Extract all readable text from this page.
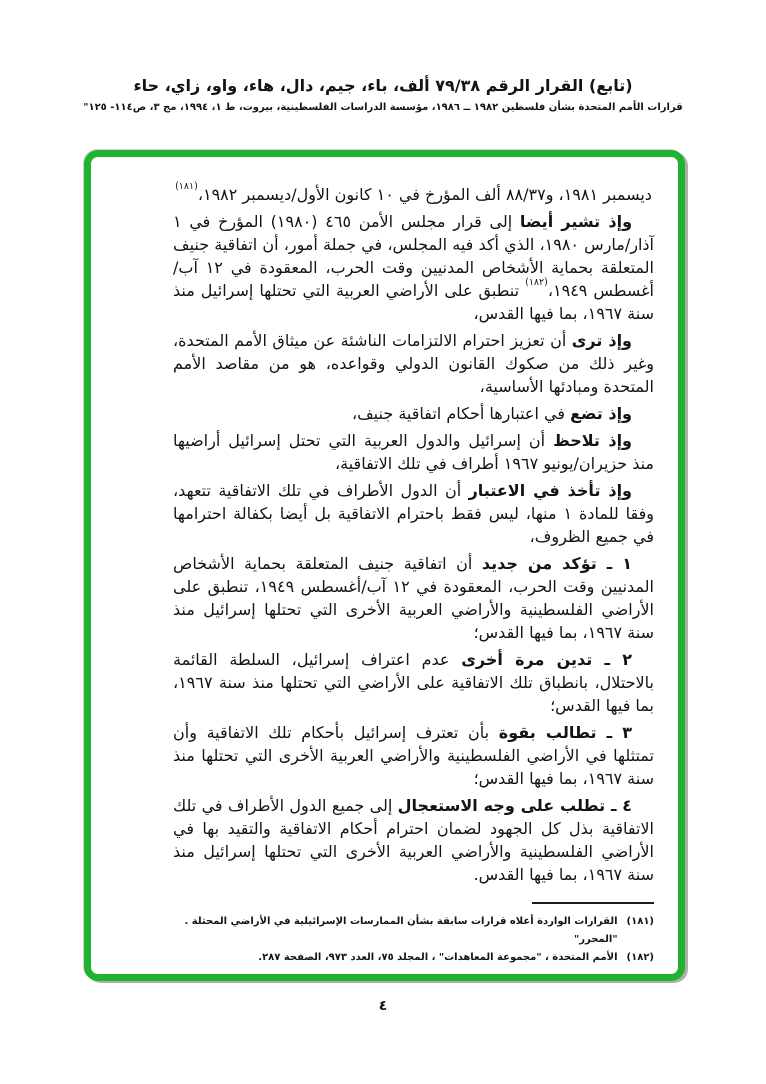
(تابع) القرار الرقم ٧٩/٣٨ ألف، باء، جيم، دال، هاء، واو، زاي، حاء
قرارات الأمم المتحدة بشأن فلسطين ١٩٨٢ ــ ١٩٨٦، مؤسسة الدراسات الفلسطينية، بيروت، ط ١، ١٩٩٤، مج ٣، ص١١٤- ١٢٥"

ديسمبر ١٩٨١، و٨٨/٣٧ ألف المؤرخ في ١٠ كانون الأول/ديسمبر ١٩٨٢،$^{(١٨١)}$

وإذ تشير أيضا إلى قرار مجلس الأمن ٤٦٥ (١٩٨٠) المؤرخ في ١ آذار/مارس ١٩٨٠، الذي أكد فيه المجلس، في جملة أمور، أن اتفاقية جنيف المتعلقة بحماية الأشخاص المدنيين وقت الحرب، المعقودة في ١٢ آب/أغسطس ١٩٤٩،$^{(١٨٢)}$ تنطبق على الأراضي العربية التي تحتلها إسرائيل منذ سنة ١٩٦٧، بما فيها القدس،

وإذ ترى أن تعزيز احترام الالتزامات الناشئة عن ميثاق الأمم المتحدة، وغير ذلك من صكوك القانون الدولي وقواعده، هو من مقاصد الأمم المتحدة ومبادئها الأساسية،

وإذ تضع في اعتبارها أحكام اتفاقية جنيف،

وإذ تلاحظ أن إسرائيل والدول العربية التي تحتل إسرائيل أراضيها منذ حزيران/يونيو ١٩٦٧ أطراف في تلك الاتفاقية،

وإذ تأخذ في الاعتبار أن الدول الأطراف في تلك الاتفاقية تتعهد، وفقا للمادة ١ منها، ليس فقط باحترام الاتفاقية بل أيضا بكفالة احترامها في جميع الظروف،

١ ـ تؤكد من جديد أن اتفاقية جنيف المتعلقة بحماية الأشخاص المدنيين وقت الحرب، المعقودة في ١٢ آب/أغسطس ١٩٤٩، تنطبق على الأراضي الفلسطينية والأراضي العربية الأخرى التي تحتلها إسرائيل منذ سنة ١٩٦٧، بما فيها القدس؛

٢ ـ تدين مرة أخرى عدم اعتراف إسرائيل، السلطة القائمة بالاحتلال، بانطباق تلك الاتفاقية على الأراضي التي تحتلها منذ سنة ١٩٦٧، بما فيها القدس؛

٣ ـ تطالب بقوة بأن تعترف إسرائيل بأحكام تلك الاتفاقية وأن تمتثلها في الأراضي الفلسطينية والأراضي العربية الأخرى التي تحتلها منذ سنة ١٩٦٧، بما فيها القدس؛

٤ ـ تطلب على وجه الاستعجال إلى جميع الدول الأطراف في تلك الاتفاقية بذل كل الجهود لضمان احترام أحكام الاتفاقية والتقيد بها في الأراضي الفلسطينية والأراضي العربية الأخرى التي تحتلها إسرائيل منذ سنة ١٩٦٧، بما فيها القدس.

(١٨١)
القرارات الواردة أعلاه قرارات سابقة بشأن الممارسات الإسرائيلية في الأراضي المحتلة . "المحرر"
(١٨٢)
الأمم المتحدة ، "مجموعة المعاهدات" ، المجلد ٧٥، العدد ٩٧٣، الصفحة ٢٨٧.
٤
